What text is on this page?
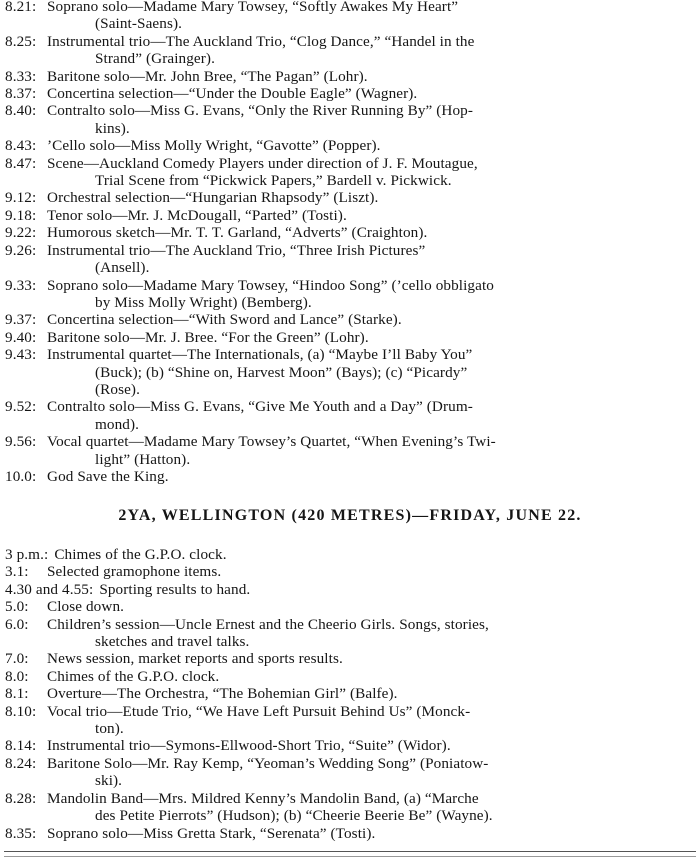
8.21: Soprano solo—Madame Mary Towsey, “Softly Awakes My Heart”
(Saint-Saens).
8.25: Instrumental trio—The Auckland Trio, “Clog Dance,” “Handel in the
Strand” (Grainger).
8.33: Baritone solo—Mr. John Bree, “The Pagan” (Lohr).
8.37: Concertina selection—“Under the Double Eagle” (Wagner).
8.40: Contralto solo—Miss G. Evans, “Only the River Running By” (Hop-
kins).
8.43: ’Cello solo—Miss Molly Wright, “Gavotte” (Popper).
8.47: Scene—Auckland Comedy Players under direction of J. F. Moutague,
Trial Scene from “Pickwick Papers,” Bardell v. Pickwick.
9.12: Orchestral selection—“Hungarian Rhapsody” (Liszt).
9.18: Tenor solo—Mr. J. McDougall, “Parted” (Tosti).
9.22: Humorous sketch—Mr. T. T. Garland, “Adverts” (Craighton).
9.26: Instrumental trio—The Auckland Trio, “Three Irish Pictures”
(Ansell).
9.33: Soprano solo—Madame Mary Towsey, “Hindoo Song” (’cello obbligato
by Miss Molly Wright) (Bemberg).
9.37: Concertina selection—“With Sword and Lance” (Starke).
9.40: Baritone solo—Mr. J. Bree. “For the Green” (Lohr).
9.43: Instrumental quartet—The Internationals, (a) “Maybe I’ll Baby You”
(Buck); (b) “Shine on, Harvest Moon” (Bays); (c) “Picardy”
(Rose).
9.52: Contralto solo—Miss G. Evans, “Give Me Youth and a Day” (Drum-
mond).
9.56: Vocal quartet—Madame Mary Towsey’s Quartet, “When Evening’s Twi-
light” (Hatton).
10.0: God Save the King.
2YA, WELLINGTON (420 METRES)—FRIDAY, JUNE 22.
3 p.m.: Chimes of the G.P.O. clock.
3.1:	Selected gramophone items.
4.30 and 4.55: Sporting results to hand.
5.0:	Close down.
6.0:	Children’s session—Uncle Ernest and the Cheerio Girls. Songs, stories,
sketches and travel talks.
7.0:	News session, market reports and sports results.
8.0:	Chimes of the G.P.O. clock.
8.1:	Overture—The Orchestra, “The Bohemian Girl” (Balfe).
8.10: Vocal trio—Etude Trio, “We Have Left Pursuit Behind Us” (Monck-
ton).
8.14: Instrumental trio—Symons-Ellwood-Short Trio, “Suite” (Widor).
8.24: Baritone Solo—Mr. Ray Kemp, “Yeoman’s Wedding Song” (Poniatow-
ski).
8.28: Mandolin Band—Mrs. Mildred Kenny’s Mandolin Band, (a) “Marche
des Petite Pierrots” (Hudson); (b) “Cheerie Beerie Be” (Wayne).
8.35: Soprano solo—Miss Gretta Stark, “Serenata” (Tosti).
